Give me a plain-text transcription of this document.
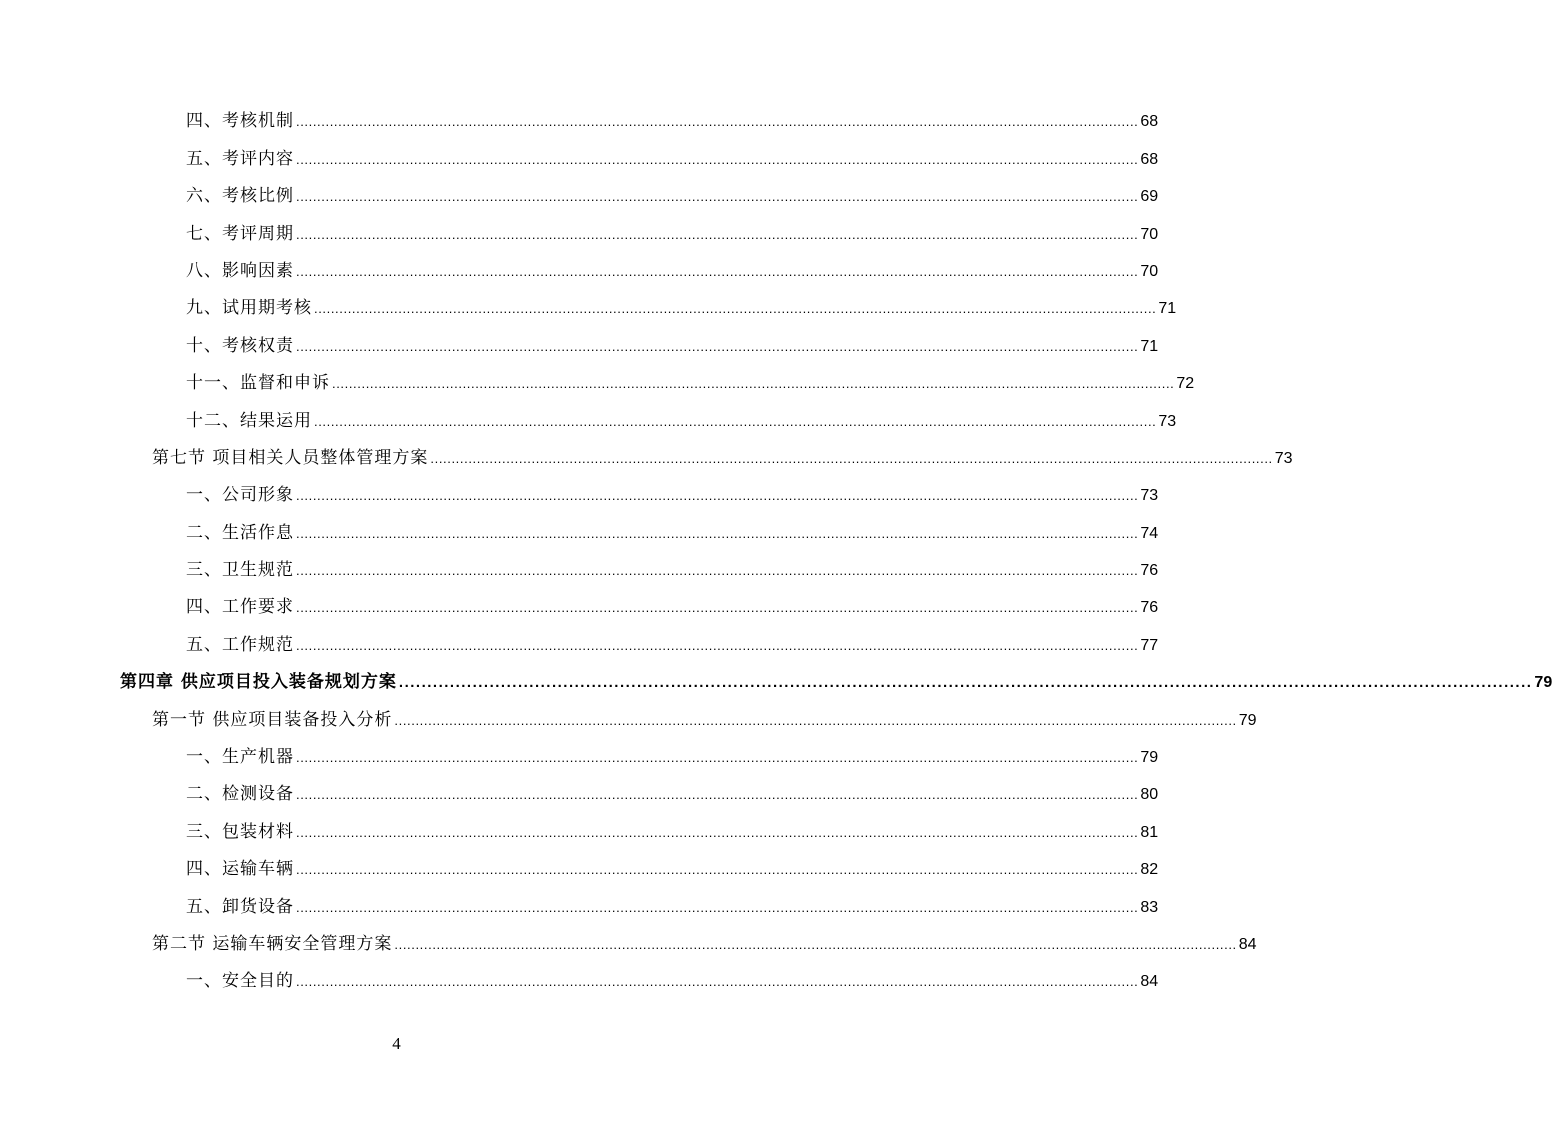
四、考核机制 ........................................................................................................................................................................................................ 68
五、考评内容 ........................................................................................................................................................................................................ 68
六、考核比例 ........................................................................................................................................................................................................ 69
七、考评周期 ........................................................................................................................................................................................................ 70
八、影响因素 ........................................................................................................................................................................................................ 70
九、试用期考核 ........................................................................................................................................................................................................ 71
十、考核权责 ........................................................................................................................................................................................................ 71
十一、监督和申诉 ........................................................................................................................................................................................................ 72
十二、结果运用 ........................................................................................................................................................................................................ 73
第七节 项目相关人员整体管理方案 ........................................................................................................................................................................................................ 73
一、公司形象 ........................................................................................................................................................................................................ 73
二、生活作息 ........................................................................................................................................................................................................ 74
三、卫生规范 ........................................................................................................................................................................................................ 76
四、工作要求 ........................................................................................................................................................................................................ 76
五、工作规范 ........................................................................................................................................................................................................ 77
第四章 供应项目投入装备规划方案 ........................................................................................................................................................................................................ 79
第一节 供应项目装备投入分析 ........................................................................................................................................................................................................ 79
一、生产机器 ........................................................................................................................................................................................................ 79
二、检测设备 ........................................................................................................................................................................................................ 80
三、包装材料 ........................................................................................................................................................................................................ 81
四、运输车辆 ........................................................................................................................................................................................................ 82
五、卸货设备 ........................................................................................................................................................................................................ 83
第二节 运输车辆安全管理方案 ........................................................................................................................................................................................................ 84
一、安全目的 ........................................................................................................................................................................................................ 84
4
